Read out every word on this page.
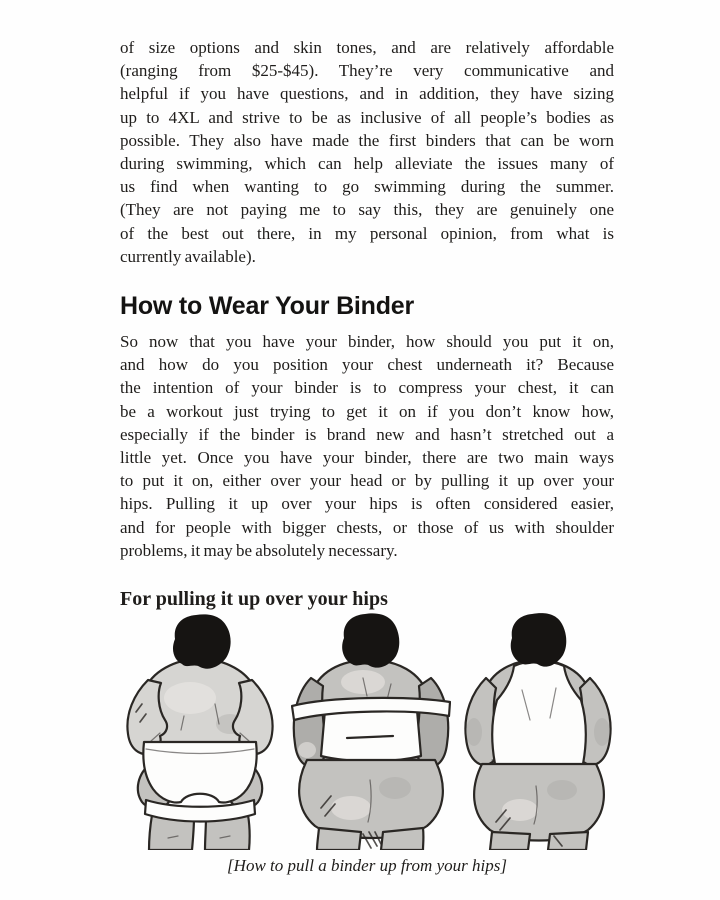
of size options and skin tones, and are relatively affordable
(ranging from $25-$45). They’re very communicative and
helpful if you have questions, and in addition, they have sizing
up to 4XL and strive to be as inclusive of all people’s bodies as
possible. They also have made the first binders that can be worn
during swimming, which can help alleviate the issues many of
us find when wanting to go swimming during the summer.
(They are not paying me to say this, they are genuinely one
of the best out there, in my personal opinion, from what is
currently available).

How to Wear Your Binder

So now that you have your binder, how should you put it on,
and how do you position your chest underneath it? Because
the intention of your binder is to compress your chest, it can
be a workout just trying to get it on if you don’t know how,
especially if the binder is brand new and hasn’t stretched out a
little yet. Once you have your binder, there are two main ways
to put it on, either over your head or by pulling it up over your
hips. Pulling it up over your hips is often considered easier,
and for people with bigger chests, or those of us with shoulder
problems, it may be absolutely necessary.

For pulling it up over your hips
[How to pull a binder up from your hips]
